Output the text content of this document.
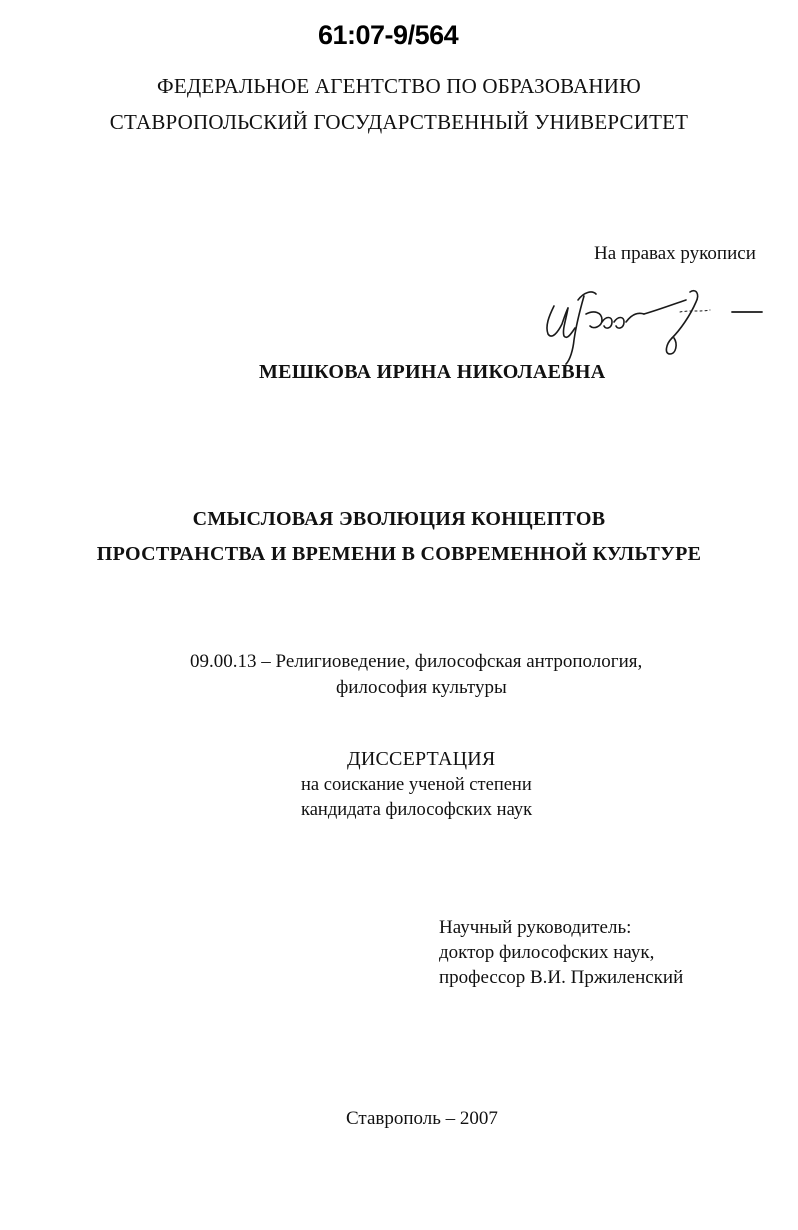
61:07-9/564
ФЕДЕРАЛЬНОЕ АГЕНТСТВО ПО ОБРАЗОВАНИЮ
СТАВРОПОЛЬСКИЙ ГОСУДАРСТВЕННЫЙ УНИВЕРСИТЕТ
На правах рукописи
МЕШКОВА ИРИНА НИКОЛАЕВНА
СМЫСЛОВАЯ ЭВОЛЮЦИЯ КОНЦЕПТОВ
ПРОСТРАНСТВА И ВРЕМЕНИ В СОВРЕМЕННОЙ КУЛЬТУРЕ
09.00.13 – Религиоведение, философская антропология,
философия культуры
ДИССЕРТАЦИЯ
на соискание ученой степени
кандидата философских наук
Научный руководитель:
доктор философских наук,
профессор В.И. Пржиленский
Ставрополь – 2007
